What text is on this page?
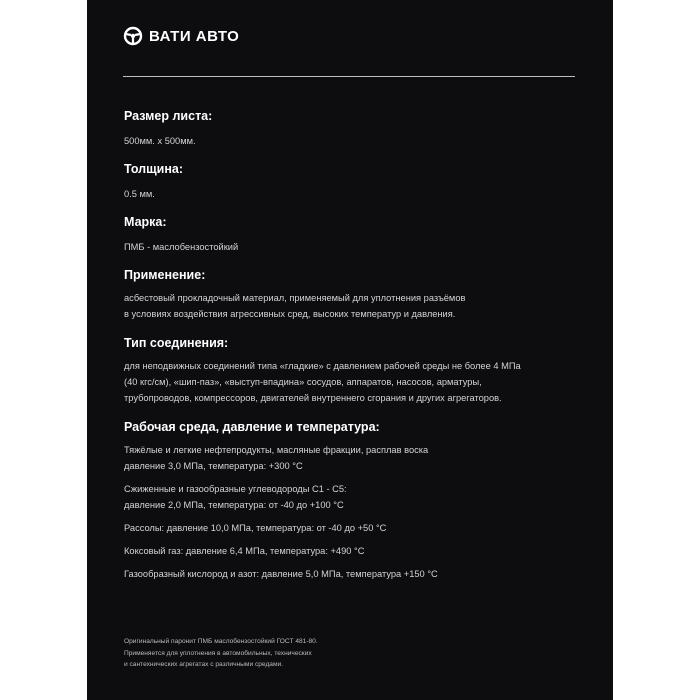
ВАТИ АВТО
Размер листа:
500мм. х 500мм.
Толщина:
0.5 мм.
Марка:
ПМБ - маслобензостойкий
Применение:
асбестовый прокладочный материал, применяемый для уплотнения разъёмов
в условиях воздействия агрессивных сред, высоких температур и давления.
Тип соединения:
для неподвижных соединений типа «гладкие» с давлением рабочей среды не более 4 МПа
(40 кгс/см), «шип-паз», «выступ-впадина» сосудов, аппаратов, насосов, арматуры,
трубопроводов, компрессоров, двигателей внутреннего сгорания и других агрегаторов.
Рабочая среда, давление и температура:
Тяжёлые и легкие нефтепродукты, масляные фракции, расплав воска
давление 3,0 МПа, температура: +300 °С
Сжиженные и газообразные углеводороды С1 - С5:
давление 2,0 МПа, температура: от -40 до +100 °С
Рассолы: давление 10,0 МПа, температура: от -40 до +50 °С
Коксовый газ: давление 6,4 МПа, температура: +490 °С
Газообразный кислород и азот: давление 5,0 МПа, температура +150 °С
Оригинальный паронит ПМБ маслобензостойкий ГОСТ 481-80.
Применяется для уплотнения в автомобильных, технических
и сантехнических агрегатах с различными средами.
